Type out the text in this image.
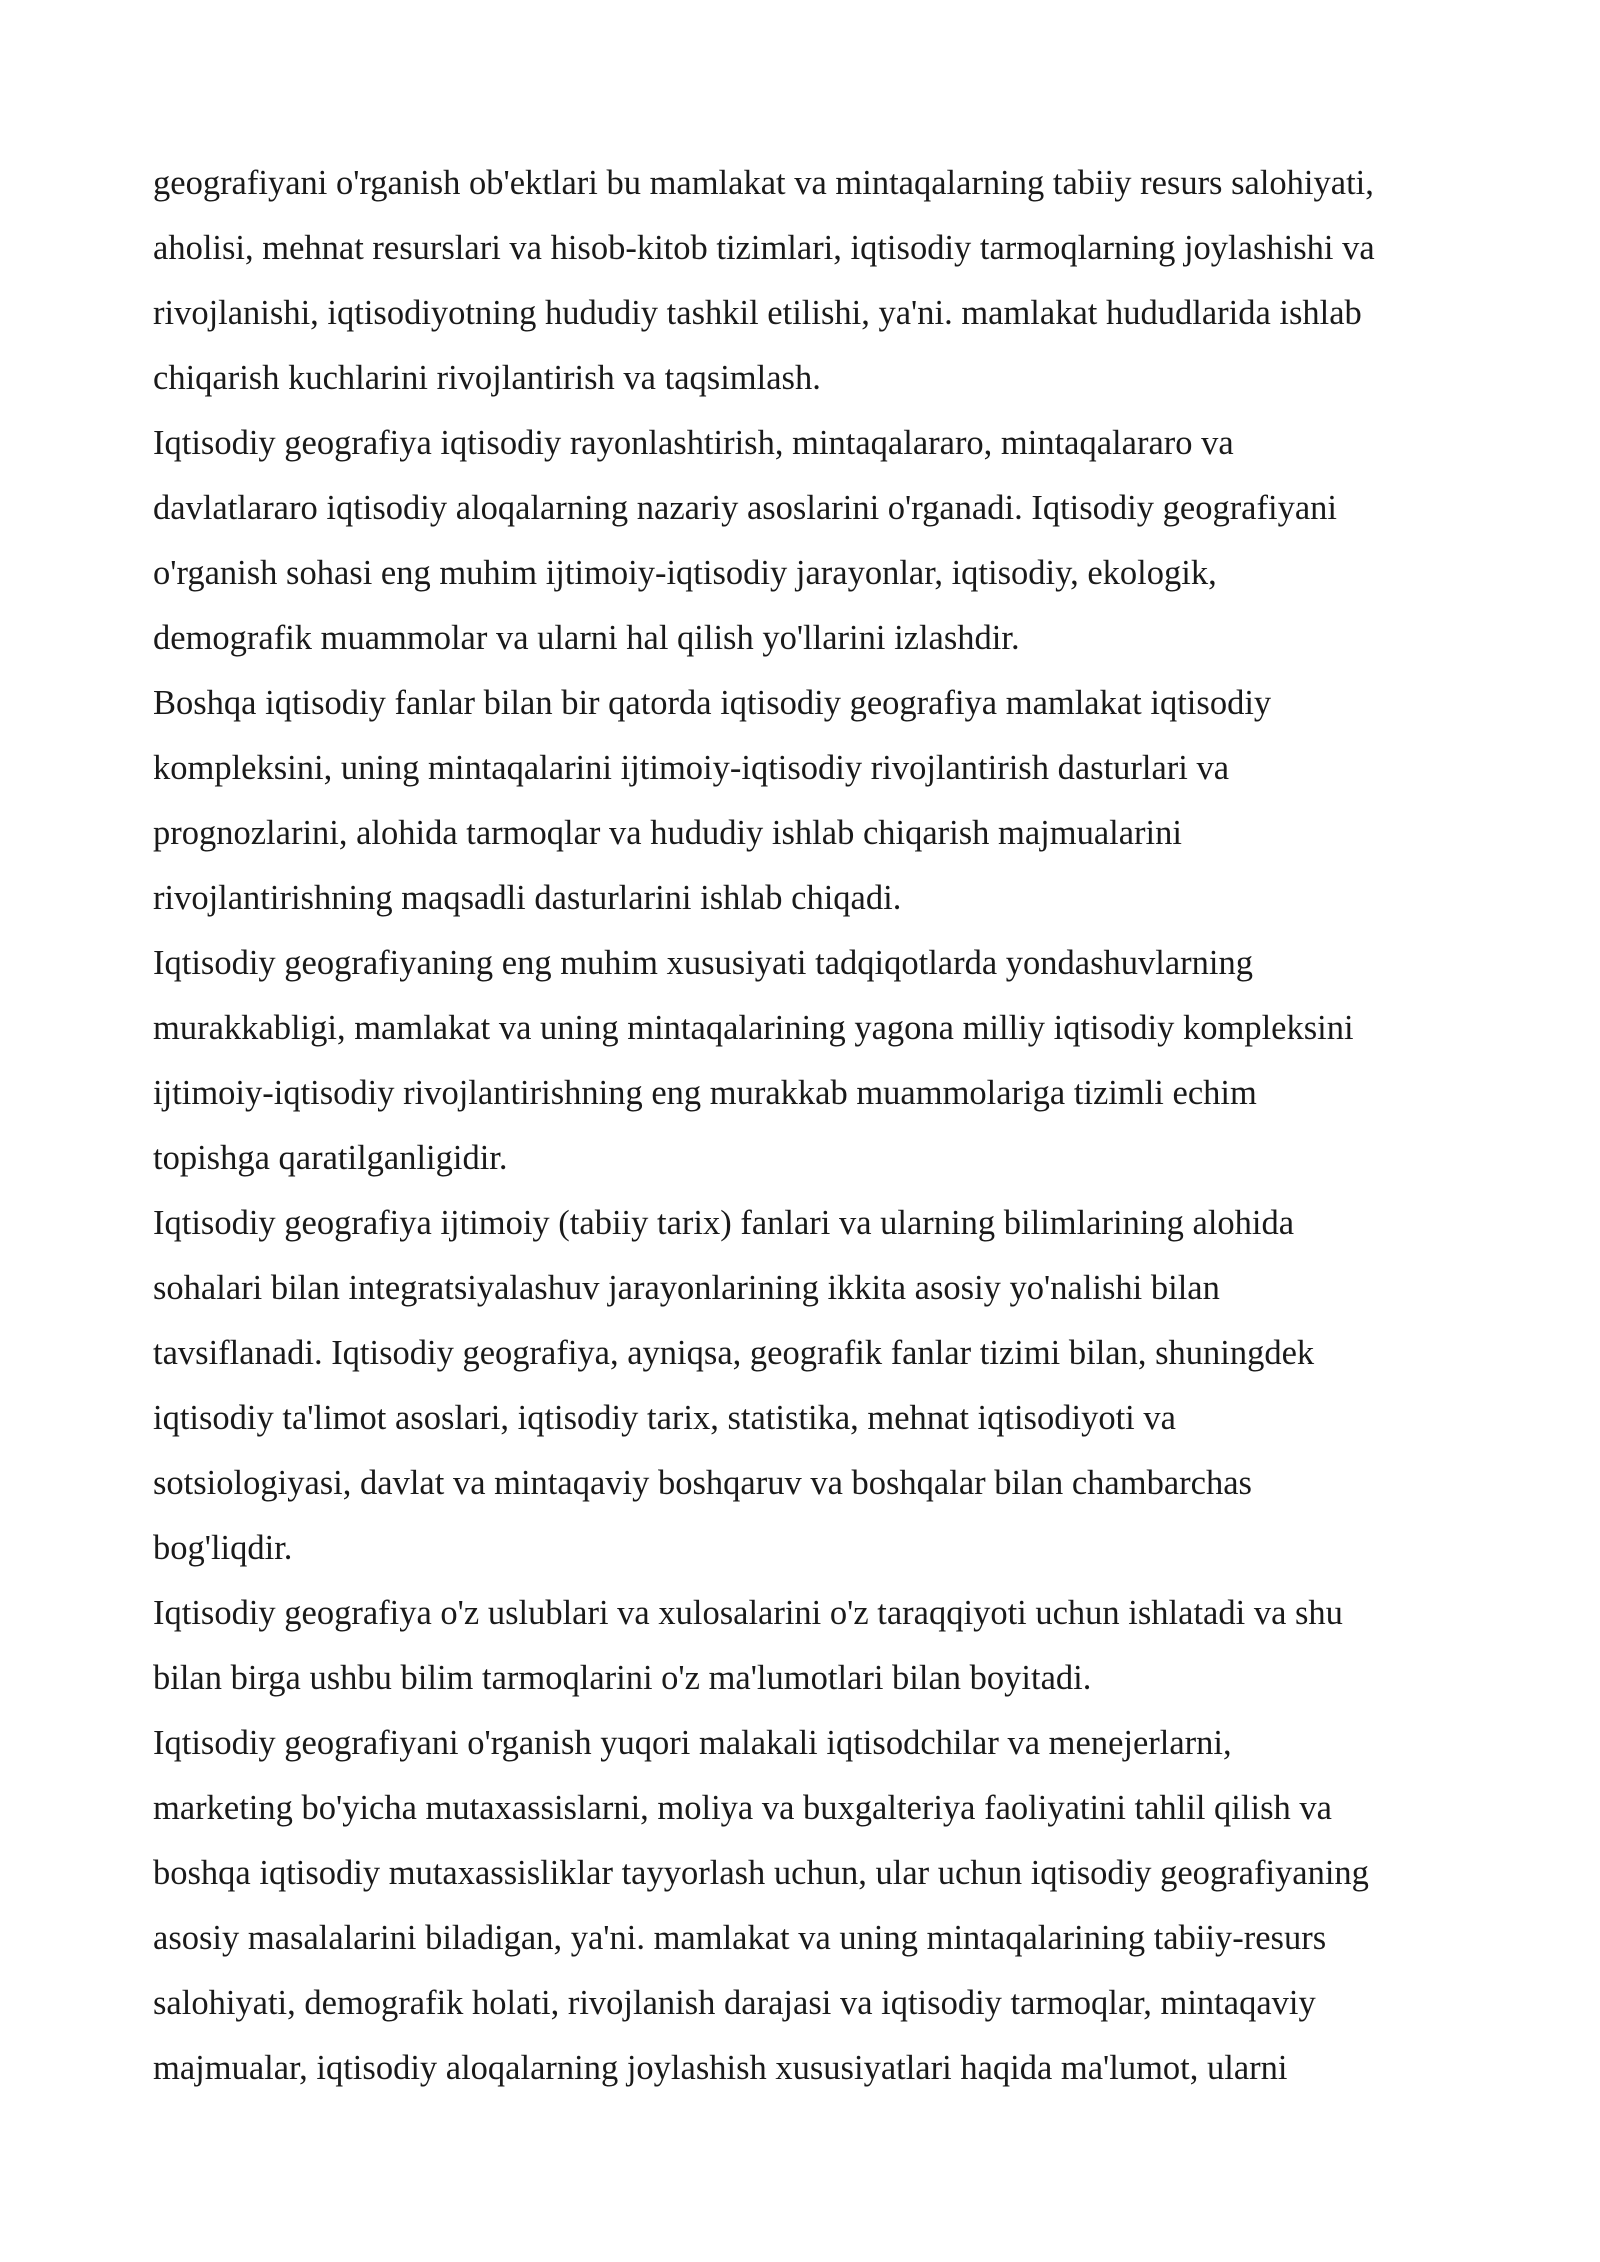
geografiyani o'rganish ob'ektlari bu mamlakat va mintaqalarning tabiiy resurs salohiyati,
aholisi, mehnat resurslari va hisob-kitob tizimlari, iqtisodiy tarmoqlarning joylashishi va
rivojlanishi, iqtisodiyotning hududiy tashkil etilishi, ya'ni. mamlakat hududlarida ishlab
chiqarish kuchlarini rivojlantirish va taqsimlash.

Iqtisodiy geografiya iqtisodiy rayonlashtirish, mintaqalararo, mintaqalararo va
davlatlararo iqtisodiy aloqalarning nazariy asoslarini o'rganadi. Iqtisodiy geografiyani
o'rganish sohasi eng muhim ijtimoiy-iqtisodiy jarayonlar, iqtisodiy, ekologik,
demografik muammolar va ularni hal qilish yo'llarini izlashdir.

Boshqa iqtisodiy fanlar bilan bir qatorda iqtisodiy geografiya mamlakat iqtisodiy
kompleksini, uning mintaqalarini ijtimoiy-iqtisodiy rivojlantirish dasturlari va
prognozlarini, alohida tarmoqlar va hududiy ishlab chiqarish majmualarini
rivojlantirishning maqsadli dasturlarini ishlab chiqadi.

Iqtisodiy geografiyaning eng muhim xususiyati tadqiqotlarda yondashuvlarning
murakkabligi, mamlakat va uning mintaqalarining yagona milliy iqtisodiy kompleksini
ijtimoiy-iqtisodiy rivojlantirishning eng murakkab muammolariga tizimli echim
topishga qaratilganligidir.

Iqtisodiy geografiya ijtimoiy (tabiiy tarix) fanlari va ularning bilimlarining alohida
sohalari bilan integratsiyalashuv jarayonlarining ikkita asosiy yo'nalishi bilan
tavsiflanadi. Iqtisodiy geografiya, ayniqsa, geografik fanlar tizimi bilan, shuningdek
iqtisodiy ta'limot asoslari, iqtisodiy tarix, statistika, mehnat iqtisodiyoti va
sotsiologiyasi, davlat va mintaqaviy boshqaruv va boshqalar bilan chambarchas
bog'liqdir.

Iqtisodiy geografiya o'z uslublari va xulosalarini o'z taraqqiyoti uchun ishlatadi va shu
bilan birga ushbu bilim tarmoqlarini o'z ma'lumotlari bilan boyitadi.

Iqtisodiy geografiyani o'rganish yuqori malakali iqtisodchilar va menejerlarni,
marketing bo'yicha mutaxassislarni, moliya va buxgalteriya faoliyatini tahlil qilish va
boshqa iqtisodiy mutaxassisliklar tayyorlash uchun, ular uchun iqtisodiy geografiyaning
asosiy masalalarini biladigan, ya'ni. mamlakat va uning mintaqalarining tabiiy-resurs
salohiyati, demografik holati, rivojlanish darajasi va iqtisodiy tarmoqlar, mintaqaviy
majmualar, iqtisodiy aloqalarning joylashish xususiyatlari haqida ma'lumot, ularni
